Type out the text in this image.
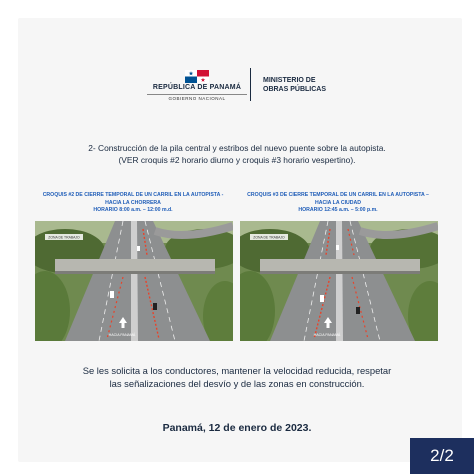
REPÚBLICA DE PANAMÁ
GOBIERNO NACIONAL
MINISTERIO DE
OBRAS PÚBLICAS
2- Construcción de la pila central y estribos del nuevo puente sobre la autopista.
(VER croquis #2 horario diurno y croquis #3 horario vespertino).
CROQUIS #2 DE CIERRE TEMPORAL DE UN CARRIL EN LA AUTOPISTA -
HACIA LA CHORRERA
HORARIO 8:00 a.m. – 12:00 m.d.
CROQUIS #3 DE CIERRE TEMPORAL DE UN CARRIL EN LA AUTOPISTA –
HACIA LA CIUDAD
HORARIO 12:45 a.m. – 5:00 p.m.
ZONA DE TRABAJO
HACIA PANAMÁ
ZONA DE TRABAJO
HACIA PANAMÁ
Se les solicita a los conductores, mantener la velocidad reducida, respetar
las señalizaciones del desvío y de las zonas en construcción.
Panamá, 12 de enero de 2023.
2/2
